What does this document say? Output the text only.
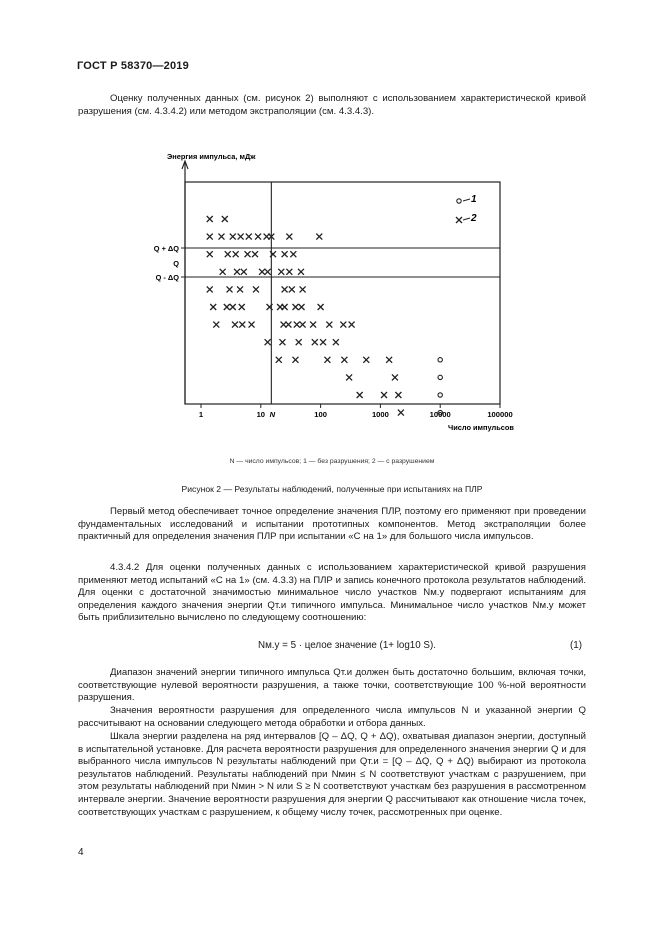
ГОСТ Р 58370—2019

Оценку полученных данных (см. рисунок 2) выполняют с использованием характеристической кривой разрушения (см. 4.3.4.2) или методом экстраполяции (см. 4.3.4.3).

Энергия импульса, мДж
Q + ΔQ
Q
Q - ΔQ
1	10	100	1000	10000	100000
N
Число импульсов
1
2
N — число импульсов; 1 — без разрушения; 2 — с разрушением
Рисунок 2 — Результаты наблюдений, полученные при испытаниях на ПЛР

Первый метод обеспечивает точное определение значения ПЛР, поэтому его применяют при проведении фундаментальных исследований и испытании прототипных компонентов. Метод экстраполяции более практичный для определения значения ПЛР при испытании «С на 1» для большого числа импульсов.

4.3.4.2 Для оценки полученных данных с использованием характеристической кривой разрушения применяют метод испытаний «С на 1» (см. 4.3.3) на ПЛР и запись конечного протокола результатов наблюдений. Для оценки с достаточной значимостью минимальное число участков Nм.у подвергают испытаниям для определения каждого значения энергии Qт.и типичного импульса. Минимальное число участков Nм.у может быть приблизительно вычислено по следующему соотношению:

Nм.у = 5 · целое значение (1+ log10 S).	(1)

Диапазон значений энергии типичного импульса Qт.и должен быть достаточно большим, включая точки, соответствующие нулевой вероятности разрушения, а также точки, соответствующие 100 %-ной вероятности разрушения.

Значения вероятности разрушения для определенного числа импульсов N и указанной энергии Q рассчитывают на основании следующего метода обработки и отбора данных.

Шкала энергии разделена на ряд интервалов [Q – ΔQ, Q + ΔQ), охватывая диапазон энергии, доступный в испытательной установке. Для расчета вероятности разрушения для определенного значения энергии Q и для выбранного числа импульсов N результаты наблюдений при Qт.и = [Q – ΔQ, Q + ΔQ) выбирают из протокола результатов наблюдений. Результаты наблюдений при Nмин ≤ N соответствуют участкам с разрушением, при этом результаты наблюдений при Nмин > N или S ≥ N соответствуют участкам без разрушения в рассмотренном интервале энергии. Значение вероятности разрушения для энергии Q рассчитывают как отношение числа точек, соответствующих участкам с разрушением, к общему числу точек, рассмотренных при оценке.

4
